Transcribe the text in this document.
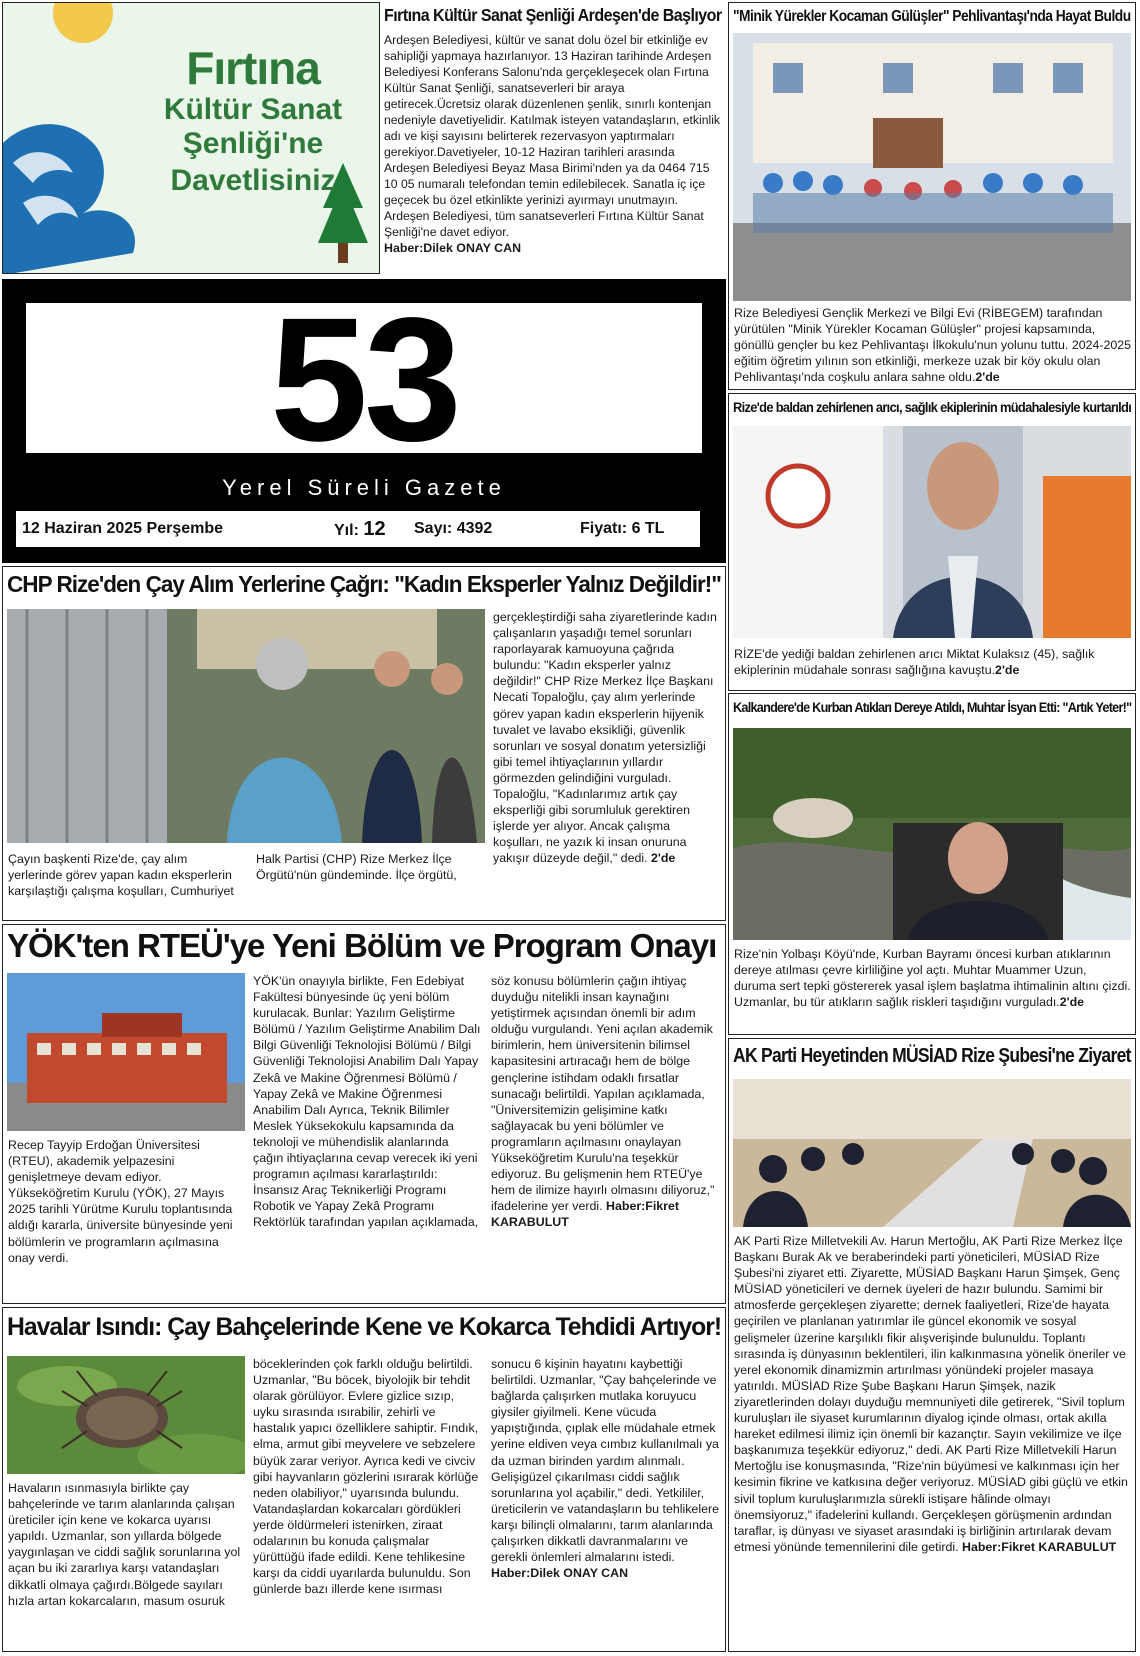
Fırtına
Kültür Sanat
Şenliği'ne
Davetlisiniz
Fırtına Kültür Sanat Şenliği Ardeşen'de Başlıyor
Ardeşen Belediyesi, kültür ve sanat dolu özel bir etkinliğe ev sahipliği yapmaya hazırlanıyor. 13 Haziran tarihinde Ardeşen Belediyesi Konferans Salonu'nda gerçekleşecek olan Fırtına Kültür Sanat Şenliği, sanatseverleri bir araya getirecek.Ücretsiz olarak düzenlenen şenlik, sınırlı kontenjan nedeniyle davetiyelidir. Katılmak isteyen vatandaşların, etkinlik adı ve kişi sayısını belirterek rezervasyon yaptırmaları gerekiyor.Davetiyeler, 10-12 Haziran tarihleri arasında Ardeşen Belediyesi Beyaz Masa Birimi'nden ya da 0464 715 10 05 numaralı telefondan temin edilebilecek. Sanatla iç içe geçecek bu özel etkinlikte yerinizi ayırmayı unutmayın. Ardeşen Belediyesi, tüm sanatseverleri Fırtına Kültür Sanat Şenliği'ne davet ediyor.
Haber:Dilek ONAY CAN
"Minik Yürekler Kocaman Gülüşler" Pehlivantaşı'nda Hayat Buldu
Rize Belediyesi Gençlik Merkezi ve Bilgi Evi (RİBEGEM) tarafından yürütülen "Minik Yürekler Kocaman Gülüşler" projesi kapsamında, gönüllü gençler bu kez Pehlivantaşı İlkokulu'nun yolunu tuttu. 2024-2025 eğitim öğretim yılının son etkinliği, merkeze uzak bir köy okulu olan Pehlivantaşı'nda coşkulu anlara sahne oldu.2'de
53
Yerel Süreli Gazete
12 Haziran 2025 Perşembe	Yıl: 12 Sayı: 4392	Fiyatı: 6 TL
Rize'de baldan zehirlenen arıcı, sağlık ekiplerinin müdahalesiyle kurtarıldı
RİZE'de yediği baldan zehirlenen arıcı Miktat Kulaksız (45), sağlık ekiplerinin müdahale sonrası sağlığına kavuştu.2'de
CHP Rize'den Çay Alım Yerlerine Çağrı: "Kadın Eksperler Yalnız Değildir!"
Çayın başkenti Rize'de, çay alım yerlerinde görev yapan kadın eksperlerin karşılaştığı çalışma koşulları, Cumhuriyet Halk Partisi (CHP) Rize Merkez İlçe Örgütü'nün gündeminde. İlçe örgütü,
gerçekleştirdiği saha ziyaretlerinde kadın çalışanların yaşadığı temel sorunları raporlayarak kamuoyuna çağrıda bulundu: "Kadın eksperler yalnız değildir!" CHP Rize Merkez İlçe Başkanı Necati Topaloğlu, çay alım yerlerinde görev yapan kadın eksperlerin hijyenik tuvalet ve lavabo eksikliği, güvenlik sorunları ve sosyal donatım yetersizliği gibi temel ihtiyaçlarının yıllardır görmezden gelindiğini vurguladı. Topaloğlu, "Kadınlarımız artık çay eksperliği gibi sorumluluk gerektiren işlerde yer alıyor. Ancak çalışma koşulları, ne yazık ki insan onuruna yakışır düzeyde değil," dedi. 2'de
Kalkandere'de Kurban Atıkları Dereye Atıldı, Muhtar İsyan Etti: "Artık Yeter!"
Rize'nin Yolbaşı Köyü'nde, Kurban Bayramı öncesi kurban atıklarının dereye atılması çevre kirliliğine yol açtı. Muhtar Muammer Uzun, duruma sert tepki göstererek yasal işlem başlatma ihtimalinin altını çizdi. Uzmanlar, bu tür atıkların sağlık riskleri taşıdığını vurguladı.2'de
YÖK'ten RTEÜ'ye Yeni Bölüm ve Program Onayı
Recep Tayyip Erdoğan Üniversitesi (RTEU), akademik yelpazesini genişletmeye devam ediyor. Yükseköğretim Kurulu (YÖK), 27 Mayıs 2025 tarihli Yürütme Kurulu toplantısında aldığı kararla, üniversite bünyesinde yeni bölümlerin ve programların açılmasına onay verdi.
YÖK'ün onayıyla birlikte, Fen Edebiyat Fakültesi bünyesinde üç yeni bölüm kurulacak. Bunlar: Yazılım Geliştirme Bölümü / Yazılım Geliştirme Anabilim Dalı Bilgi Güvenliği Teknolojisi Bölümü / Bilgi Güvenliği Teknolojisi Anabilim Dalı Yapay Zekâ ve Makine Öğrenmesi Bölümü / Yapay Zekâ ve Makine Öğrenmesi Anabilim Dalı Ayrıca, Teknik Bilimler Meslek Yüksekokulu kapsamında da teknoloji ve mühendislik alanlarında çağın ihtiyaçlarına cevap verecek iki yeni programın açılması kararlaştırıldı: İnsansız Araç Teknikerliği Programı Robotik ve Yapay Zekâ Programı Rektörlük tarafından yapılan açıklamada, söz konusu bölümlerin çağın ihtiyaç duyduğu nitelikli insan kaynağını yetiştirmek açısından önemli bir adım olduğu vurgulandı. Yeni açılan akademik birimlerin, hem üniversitenin bilimsel kapasitesini artıracağı hem de bölge gençlerine istihdam odaklı fırsatlar sunacağı belirtildi. Yapılan açıklamada, "Üniversitemizin gelişimine katkı sağlayacak bu yeni bölümler ve programların açılmasını onaylayan Yükseköğretim Kurulu'na teşekkür ediyoruz. Bu gelişmenin hem RTEÜ'ye hem de ilimize hayırlı olmasını diliyoruz," ifadelerine yer verdi. Haber:Fikret KARABULUT
AK Parti Heyetinden MÜSİAD Rize Şubesi'ne Ziyaret
AK Parti Rize Milletvekili Av. Harun Mertoğlu, AK Parti Rize Merkez İlçe Başkanı Burak Ak ve beraberindeki parti yöneticileri, MÜSİAD Rize Şubesi'ni ziyaret etti. Ziyarette, MÜSİAD Başkanı Harun Şimşek, Genç MÜSİAD yöneticileri ve dernek üyeleri de hazır bulundu. Samimi bir atmosferde gerçekleşen ziyarette; dernek faaliyetleri, Rize'de hayata geçirilen ve planlanan yatırımlar ile güncel ekonomik ve sosyal gelişmeler üzerine karşılıklı fikir alışverişinde bulunuldu. Toplantı sırasında iş dünyasının beklentileri, ilin kalkınmasına yönelik öneriler ve yerel ekonomik dinamizmin artırılması yönündeki projeler masaya yatırıldı. MÜSİAD Rize Şube Başkanı Harun Şimşek, nazik ziyaretlerinden dolayı duyduğu memnuniyeti dile getirerek, "Sivil toplum kuruluşları ile siyaset kurumlarının diyalog içinde olması, ortak akılla hareket edilmesi ilimiz için önemli bir kazançtır. Sayın vekilimize ve ilçe başkanımıza teşekkür ediyoruz," dedi. AK Parti Rize Milletvekili Harun Mertoğlu ise konuşmasında, "Rize'nin büyümesi ve kalkınması için her kesimin fikrine ve katkısına değer veriyoruz. MÜSİAD gibi güçlü ve etkin sivil toplum kuruluşlarımızla sürekli istişare hâlinde olmayı önemsiyoruz," ifadelerini kullandı. Gerçekleşen görüşmenin ardından taraflar, iş dünyası ve siyaset arasındaki iş birliğinin artırılarak devam etmesi yönünde temennilerini dile getirdi. Haber:Fikret KARABULUT
Havalar Isındı: Çay Bahçelerinde Kene ve Kokarca Tehdidi Artıyor!
Havaların ısınmasıyla birlikte çay bahçelerinde ve tarım alanlarında çalışan üreticiler için kene ve kokarca uyarısı yapıldı. Uzmanlar, son yıllarda bölgede yaygınlaşan ve ciddi sağlık sorunlarına yol açan bu iki zararlıya karşı vatandaşları dikkatli olmaya çağırdı.Bölgede sayıları hızla artan kokarcaların, masum osuruk
böceklerinden çok farklı olduğu belirtildi. Uzmanlar, "Bu böcek, biyolojik bir tehdit olarak görülüyor. Evlere gizlice sızıp, uyku sırasında ısırabilir, zehirli ve hastalık yapıcı özelliklere sahiptir. Fındık, elma, armut gibi meyvelere ve sebzelere büyük zarar veriyor. Ayrıca kedi ve civciv gibi hayvanların gözlerini ısırarak körlüğe neden olabiliyor," uyarısında bulundu. Vatandaşlardan kokarcaları gördükleri yerde öldürmeleri istenirken, ziraat odalarının bu konuda çalışmalar yürüttüğü ifade edildi. Kene tehlikesine karşı da ciddi uyarılarda bulunuldu. Son günlerde bazı illerde kene ısırması sonucu 6 kişinin hayatını kaybettiği belirtildi. Uzmanlar, "Çay bahçelerinde ve bağlarda çalışırken mutlaka koruyucu giysiler giyilmeli. Kene vücuda yapıştığında, çıplak elle müdahale etmek yerine eldiven veya cımbız kullanılmalı ya da uzman birinden yardım alınmalı. Gelişigüzel çıkarılması ciddi sağlık sorunlarına yol açabilir," dedi. Yetkililer, üreticilerin ve vatandaşların bu tehlikelere karşı bilinçli olmalarını, tarım alanlarında çalışırken dikkatli davranmalarını ve gerekli önlemleri almalarını istedi. Haber:Dilek ONAY CAN
